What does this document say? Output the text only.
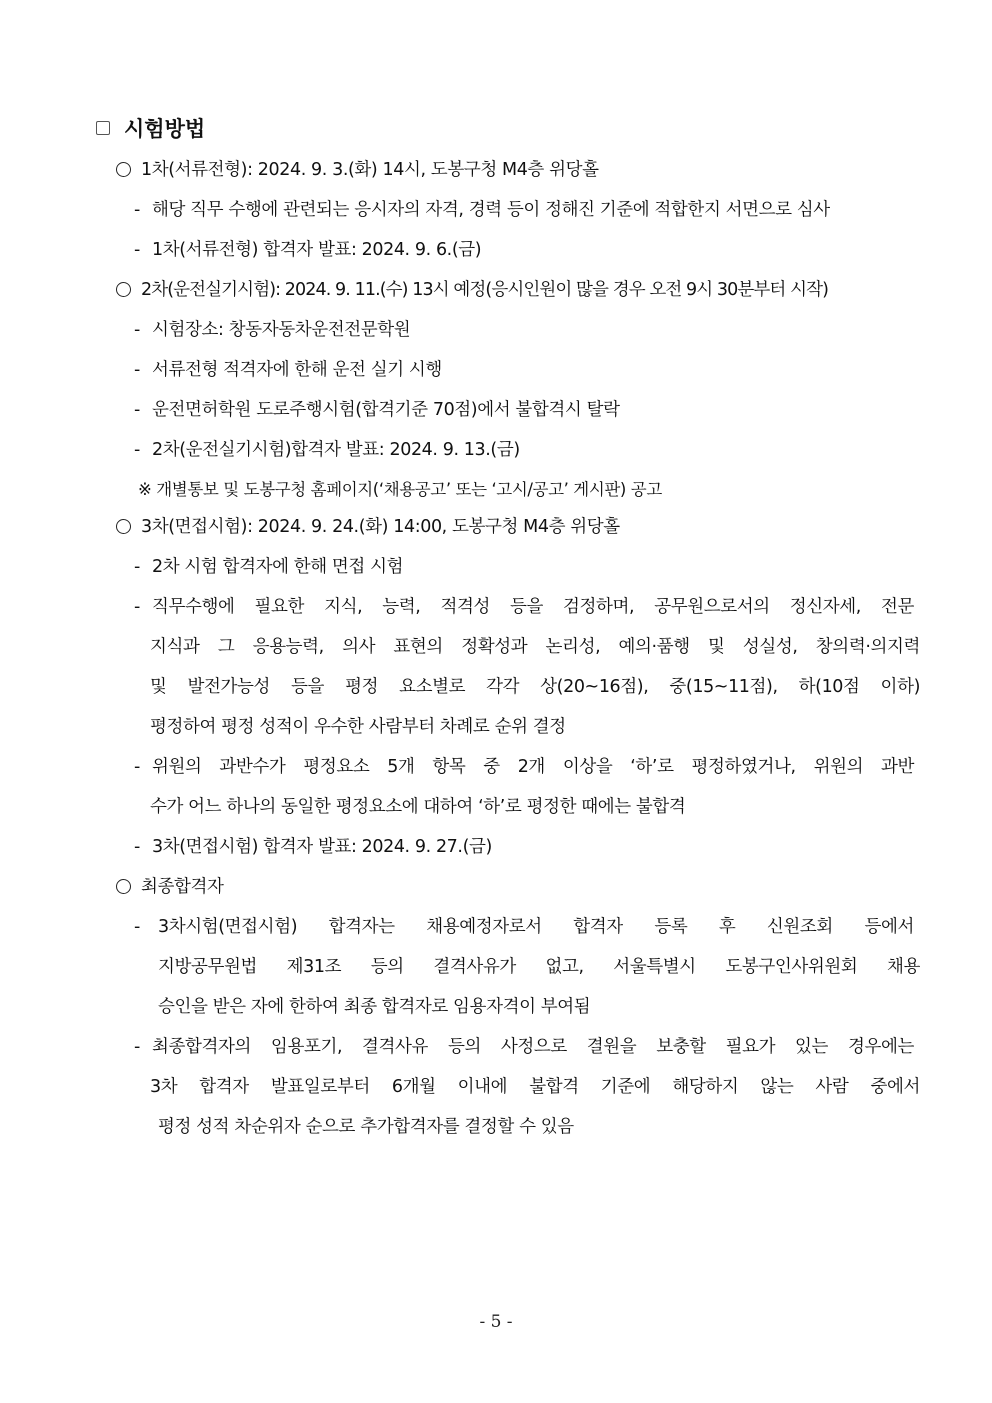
시험방법
1차(서류전형): 2024. 9. 3.(화) 14시, 도봉구청 M4층 위당홀
- 해당 직무 수행에 관련되는 응시자의 자격, 경력 등이 정해진 기준에 적합한지 서면으로 심사
- 1차(서류전형) 합격자 발표: 2024. 9. 6.(금)
2차(운전실기시험): 2024. 9. 11.(수) 13시 예정(응시인원이 많을 경우 오전 9시 30분부터 시작)
- 시험장소: 창동자동차운전전문학원
- 서류전형 적격자에 한해 운전 실기 시행
- 운전면허학원 도로주행시험(합격기준 70점)에서 불합격시 탈락
- 2차(운전실기시험)합격자 발표: 2024. 9. 13.(금)
※ 개별통보 및 도봉구청 홈페이지(‘채용공고’ 또는 ‘고시/공고’ 게시판) 공고
3차(면접시험): 2024. 9. 24.(화) 14:00, 도봉구청 M4층 위당홀
- 2차 시험 합격자에 한해 면접 시험
- 직무수행에 필요한 지식, 능력, 적격성 등을 검정하며, 공무원으로서의 정신자세, 전문
지식과 그 응용능력, 의사 표현의 정확성과 논리성, 예의·품행 및 성실성, 창의력·의지력
및 발전가능성 등을 평정 요소별로 각각 상(20~16점), 중(15~11점), 하(10점 이하)
평정하여 평정 성적이 우수한 사람부터 차례로 순위 결정
- 위원의 과반수가 평정요소 5개 항목 중 2개 이상을 ‘하’로 평정하였거나, 위원의 과반
수가 어느 하나의 동일한 평정요소에 대하여 ‘하’로 평정한 때에는 불합격
- 3차(면접시험) 합격자 발표: 2024. 9. 27.(금)
최종합격자
- 3차시험(면접시험) 합격자는 채용예정자로서 합격자 등록 후 신원조회 등에서
지방공무원법 제31조 등의 결격사유가 없고, 서울특별시 도봉구인사위원회 채용
승인을 받은 자에 한하여 최종 합격자로 임용자격이 부여됨
- 최종합격자의 임용포기, 결격사유 등의 사정으로 결원을 보충할 필요가 있는 경우에는
3차 합격자 발표일로부터 6개월 이내에 불합격 기준에 해당하지 않는 사람 중에서
평정 성적 차순위자 순으로 추가합격자를 결정할 수 있음
- 5 -
